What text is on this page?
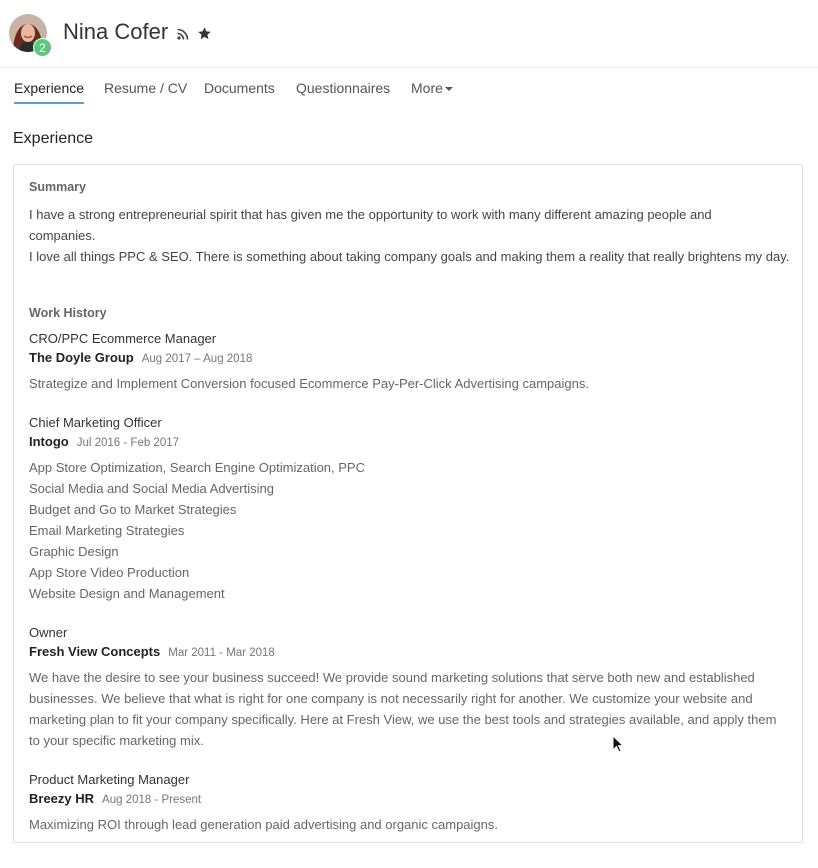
2
Nina Cofer
Experience Resume / CV Documents Questionnaires More
Experience
Summary
I have a strong entrepreneurial spirit that has given me the opportunity to work with many different amazing people and
companies.
I love all things PPC & SEO. There is something about taking company goals and making them a reality that really brightens my day.
Work History
CRO/PPC Ecommerce Manager
The Doyle Group Aug 2017 – Aug 2018
Strategize and Implement Conversion focused Ecommerce Pay-Per-Click Advertising campaigns.
Chief Marketing Officer
Intogo Jul 2016 - Feb 2017
App Store Optimization, Search Engine Optimization, PPC
Social Media and Social Media Advertising
Budget and Go to Market Strategies
Email Marketing Strategies
Graphic Design
App Store Video Production
Website Design and Management
Owner
Fresh View Concepts Mar 2011 - Mar 2018
We have the desire to see your business succeed! We provide sound marketing solutions that serve both new and established
businesses. We believe that what is right for one company is not necessarily right for another. We customize your website and
marketing plan to fit your company specifically. Here at Fresh View, we use the best tools and strategies available, and apply them
to your specific marketing mix.
Product Marketing Manager
Breezy HR Aug 2018 - Present
Maximizing ROI through lead generation paid advertising and organic campaigns.
